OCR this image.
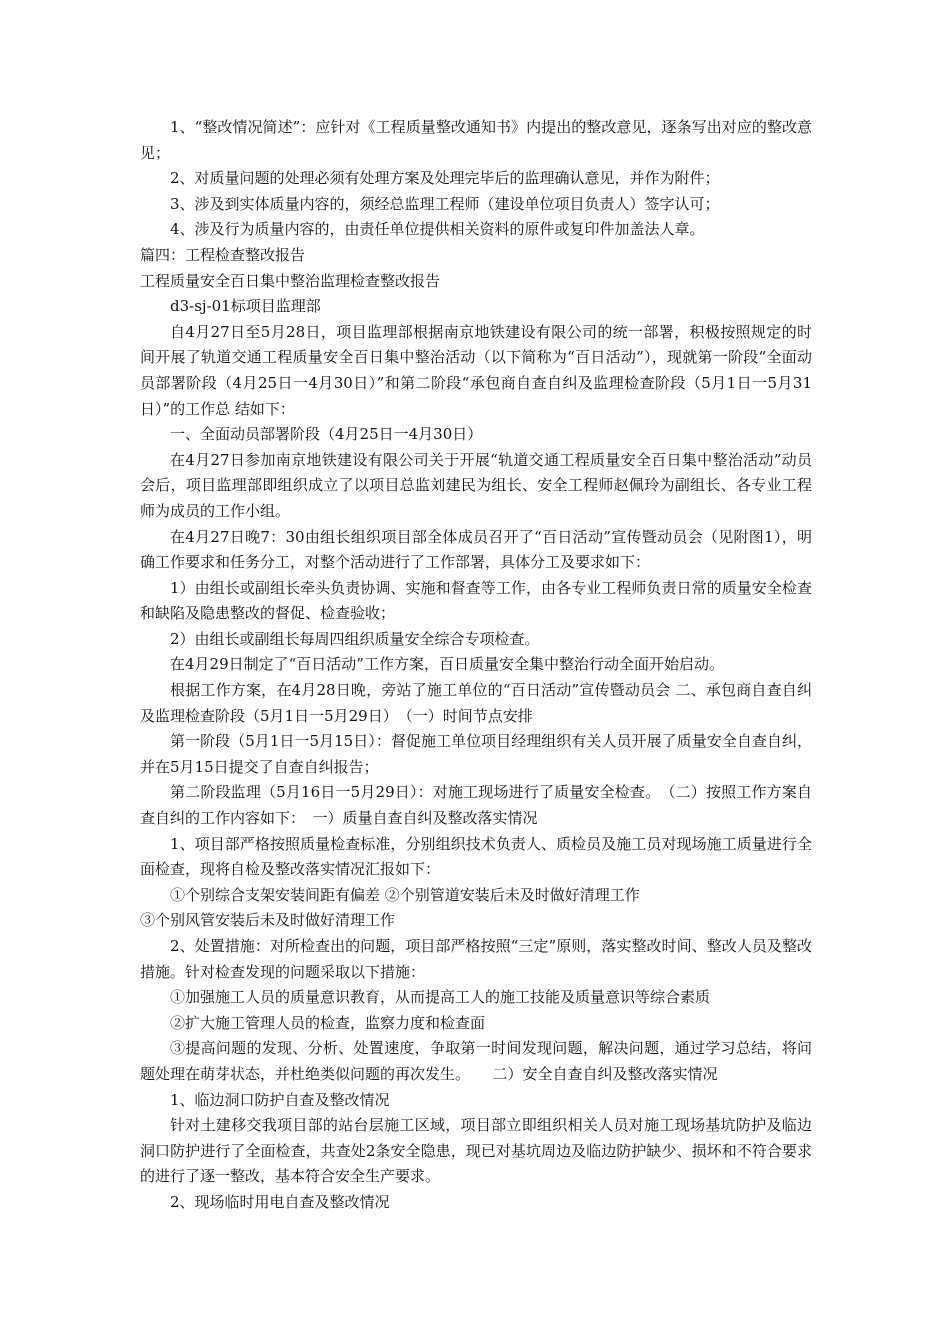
1、“整改情况简述”：应针对《工程质量整改通知书》内提出的整改意见，逐条写出对应的整改意见；

2、对质量问题的处理必须有处理方案及处理完毕后的监理确认意见，并作为附件；

3、涉及到实体质量内容的，须经总监理工程师（建设单位项目负责人）签字认可；

4、涉及行为质量内容的，由责任单位提供相关资料的原件或复印件加盖法人章。

篇四：工程检查整改报告

工程质量安全百日集中整治监理检查整改报告

d3-sj-01标项目监理部

自4月27日至5月28日，项目监理部根据南京地铁建设有限公司的统一部署，积极按照规定的时间开展了轨道交通工程质量安全百日集中整治活动（以下简称为“百日活动”），现就第一阶段“全面动员部署阶段（4月25日一4月30日）”和第二阶段“承包商自查自纠及监理检查阶段（5月1日一5月31日）”的工作总 结如下：

一、全面动员部署阶段（4月25日一4月30日）

在4月27日参加南京地铁建设有限公司关于开展“轨道交通工程质量安全百日集中整治活动”动员会后，项目监理部即组织成立了以项目总监刘建民为组长、安全工程师赵佩玲为副组长、各专业工程师为成员的工作小组。

在4月27日晚7：30由组长组织项目部全体成员召开了“百日活动”宣传暨动员会（见附图1），明确工作要求和任务分工，对整个活动进行了工作部署，具体分工及要求如下：

1）由组长或副组长牵头负责协调、实施和督查等工作，由各专业工程师负责日常的质量安全检查和缺陷及隐患整改的督促、检查验收；

2）由组长或副组长每周四组织质量安全综合专项检查。

在4月29日制定了“百日活动”工作方案，百日质量安全集中整治行动全面开始启动。

根据工作方案，在4月28日晚，旁站了施工单位的“百日活动”宣传暨动员会 二、承包商自查自纠及监理检查阶段（5月1日一5月29日）　（一）时间节点安排

第一阶段（5月1日一5月15日）：督促施工单位项目经理组织有关人员开展了质量安全自查自纠，并在5月15日提交了自查自纠报告；

第二阶段监理（5月16日一5月29日）：对施工现场进行了质量安全检查。　（二）按照工作方案自查自纠的工作内容如下：　一）质量自查自纠及整改落实情况

1、项目部严格按照质量检查标准，分别组织技术负责人、质检员及施工员对现场施工质量进行全面检查，现将自检及整改落实情况汇报如下：

①个别综合支架安装间距有偏差 ②个别管道安装后未及时做好清理工作

③个别风管安装后未及时做好清理工作

2、处置措施：对所检查出的问题，项目部严格按照“三定”原则，落实整改时间、整改人员及整改措施。针对检查发现的问题采取以下措施：

①加强施工人员的质量意识教育，从而提高工人的施工技能及质量意识等综合素质

②扩大施工管理人员的检查，监察力度和检查面

③提高问题的发现、分析、处置速度，争取第一时间发现问题，解决问题，通过学习总结，将问题处理在萌芽状态，并杜绝类似问题的再次发生。　　二）安全自查自纠及整改落实情况

1、临边洞口防护自查及整改情况

针对土建移交我项目部的站台层施工区域，项目部立即组织相关人员对施工现场基坑防护及临边洞口防护进行了全面检查，共查处2条安全隐患，现已对基坑周边及临边防护缺少、损坏和不符合要求的进行了逐一整改，基本符合安全生产要求。

2、现场临时用电自查及整改情况
